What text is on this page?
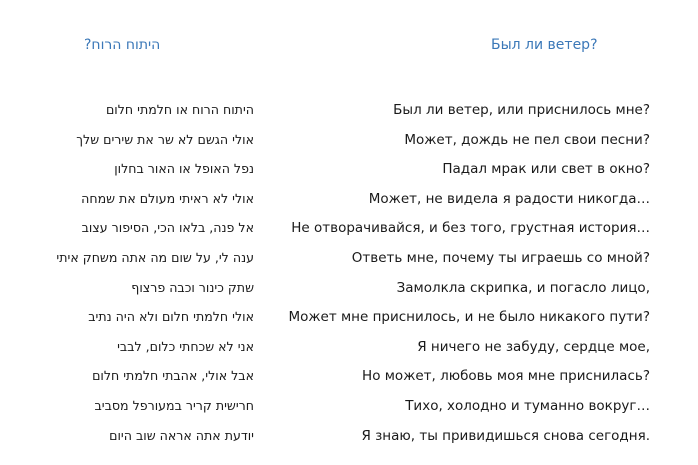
היתוח הרוח?	Был ли ветер?
היתוח הרוח או חלמתי חלום
אולי הגשם לא שר את שירים שלך
נפל האופל או האור בחלון
אולי לא ראיתי מעולם את שמחה
אל פנה, בלאו הכי, הסיפור עצוב
ענה לי, על שום מה אתה משחק איתי
שתק כינור וכבה פרצוף
אולי חלמתי חלום ולא היה נתיב
אני לא שכחתי כלום, לבבי
אבל אולי, אהבתי חלמתי חלום
חרישית קריר במעורפל מסביב
יודעת אתה אראה שוב היום
Был ли ветер, или приснилось мне?
Может, дождь не пел свои песни?
Падал мрак или свет в окно?
Может, не видела я радости никогда…
Не отворачивайся, и без того, грустная история…
Ответь мне, почему ты играешь со мной?
Замолкла скрипка, и погасло лицо,
Может мне приснилось, и не было никакого пути?
Я ничего не забуду, сердце мое,
Но может, любовь моя мне приснилась?
Тихо, холодно и туманно вокруг…
Я знаю, ты привидишься снова сегодня.
